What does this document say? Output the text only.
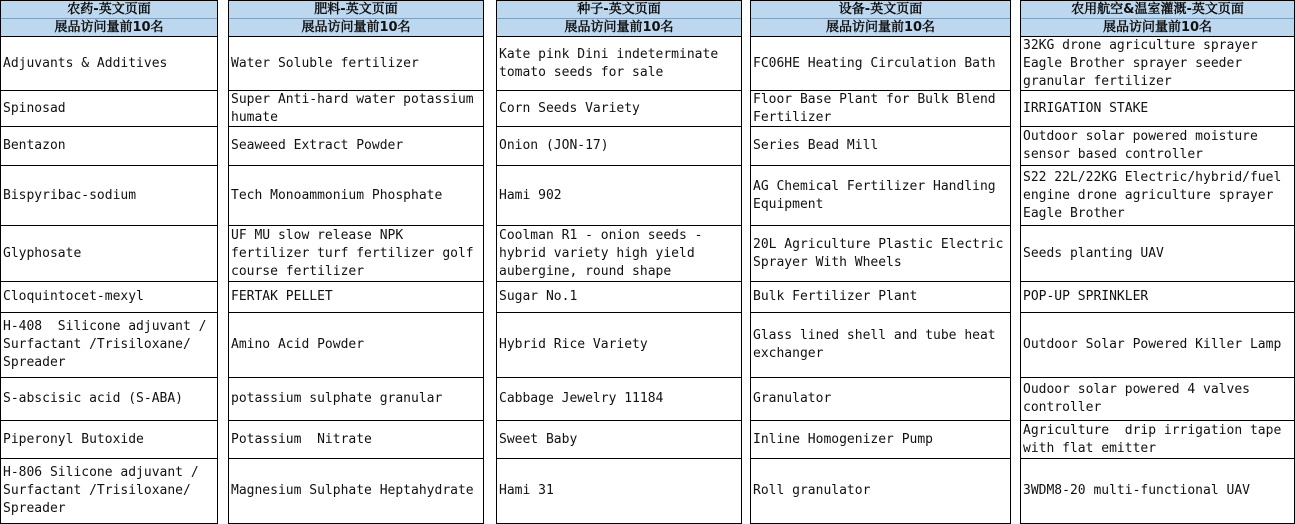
农药-英文页面
展品访问量前10名
Adjuvants & Additives
Spinosad
Bentazon
Bispyribac-sodium
Glyphosate
Cloquintocet-mexyl
H-408  Silicone adjuvant / Surfactant /Trisiloxane/ Spreader
S-abscisic acid (S-ABA)
Piperonyl Butoxide
H-806 Silicone adjuvant / Surfactant /Trisiloxane/ Spreader
肥料-英文页面
展品访问量前10名
Water Soluble fertilizer
Super Anti-hard water potassium humate
Seaweed Extract Powder
Tech Monoammonium Phosphate
UF MU slow release NPK fertilizer turf fertilizer golf course fertilizer
FERTAK PELLET
Amino Acid Powder
potassium sulphate granular
Potassium  Nitrate
Magnesium Sulphate Heptahydrate
种子-英文页面
展品访问量前10名
Kate pink Dini indeterminate tomato seeds for sale
Corn Seeds Variety
Onion (JON-17)
Hami 902
Coolman R1 - onion seeds - hybrid variety high yield aubergine, round shape
Sugar No.1
Hybrid Rice Variety
Cabbage Jewelry 11184
Sweet Baby
Hami 31
设备-英文页面
展品访问量前10名
FC06HE Heating Circulation Bath
Floor Base Plant for Bulk Blend Fertilizer
Series Bead Mill
AG Chemical Fertilizer Handling Equipment
20L Agriculture Plastic Electric Sprayer With Wheels
Bulk Fertilizer Plant
Glass lined shell and tube heat exchanger
Granulator
Inline Homogenizer Pump
Roll granulator
农用航空&温室灌溉-英文页面
展品访问量前10名
32KG drone agriculture sprayer Eagle Brother sprayer seeder granular fertilizer
IRRIGATION STAKE
Outdoor solar powered moisture sensor based controller
S22 22L/22KG Electric/hybrid/fuel engine drone agriculture sprayer Eagle Brother
Seeds planting UAV
POP-UP SPRINKLER
Outdoor Solar Powered Killer Lamp
Oudoor solar powered 4 valves controller
Agriculture  drip irrigation tape with flat emitter
3WDM8-20 multi-functional UAV
